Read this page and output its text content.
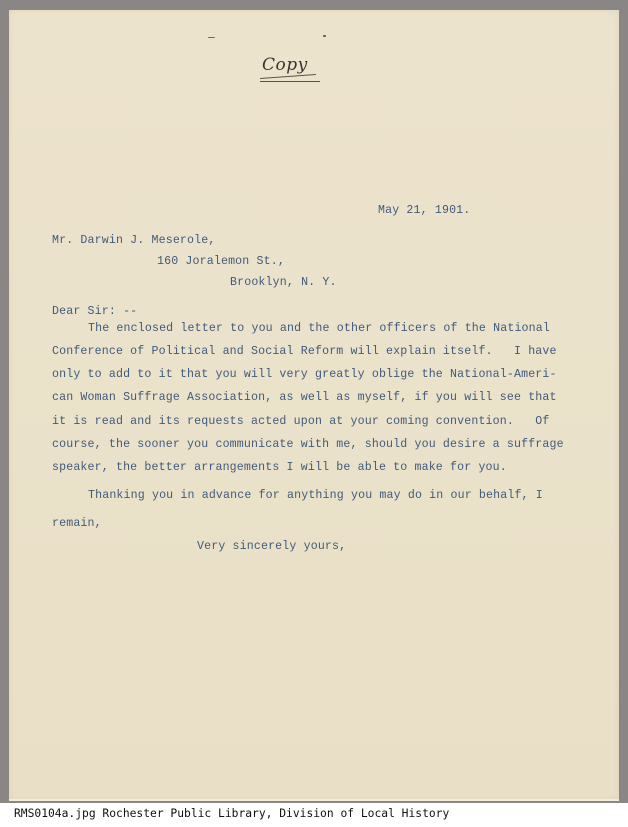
Copy
May 21, 1901.
Mr. Darwin J. Meserole,
160 Joralemon St.,
Brooklyn, N. Y.
Dear Sir: --
The enclosed letter to you and the other officers of the National
Conference of Political and Social Reform will explain itself.   I have
only to add to it that you will very greatly oblige the National-Ameri-
can Woman Suffrage Association, as well as myself, if you will see that
it is read and its requests acted upon at your coming convention.   Of
course, the sooner you communicate with me, should you desire a suffrage
speaker, the better arrangements I will be able to make for you.
Thanking you in advance for anything you may do in our behalf, I
remain,
Very sincerely yours,
RMS0104a.jpg Rochester Public Library, Division of Local History
